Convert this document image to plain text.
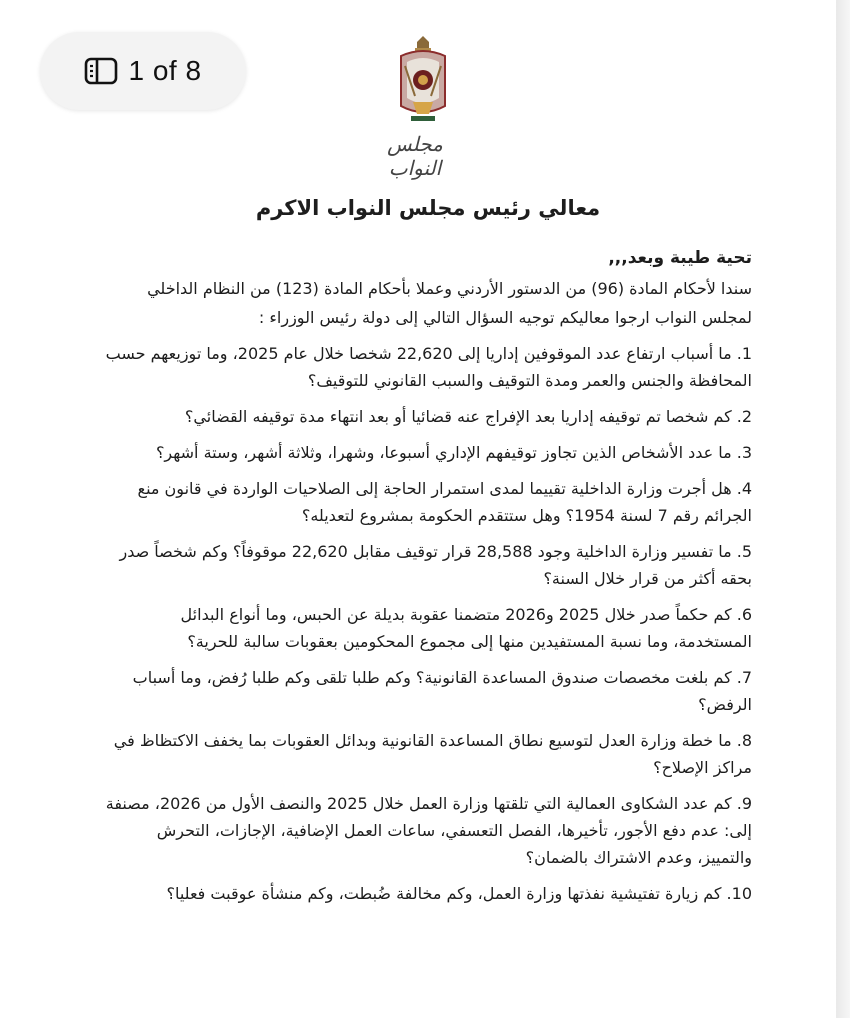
1 of 8
مجلس النواب
معالي رئيس مجلس النواب الاكرم
تحية طيبة وبعد,,,
سندا لأحكام المادة (96) من الدستور الأردني وعملا بأحكام المادة (123) من النظام الداخلي
لمجلس النواب ارجوا معاليكم توجيه السؤال التالي إلى دولة رئيس الوزراء :
1.ما أسباب ارتفاع عدد الموقوفين إداريا إلى 22,620 شخصا خلال عام 2025، وما توزيعهم حسب المحافظة والجنس والعمر ومدة التوقيف والسبب القانوني للتوقيف؟
2.كم شخصا تم توقيفه إداريا بعد الإفراج عنه قضائيا أو بعد انتهاء مدة توقيفه القضائي؟
3.ما عدد الأشخاص الذين تجاوز توقيفهم الإداري أسبوعا، وشهرا، وثلاثة أشهر، وستة أشهر؟
4.هل أجرت وزارة الداخلية تقييما لمدى استمرار الحاجة إلى الصلاحيات الواردة في قانون منع الجرائم رقم 7 لسنة 1954؟ وهل ستتقدم الحكومة بمشروع لتعديله؟
5.ما تفسير وزارة الداخلية وجود 28,588 قرار توقيف مقابل 22,620 موقوفاً؟ وكم شخصاً صدر بحقه أكثر من قرار خلال السنة؟
6.كم حكماً صدر خلال 2025 و2026 متضمنا عقوبة بديلة عن الحبس، وما أنواع البدائل المستخدمة، وما نسبة المستفيدين منها إلى مجموع المحكومين بعقوبات سالبة للحرية؟
7.كم بلغت مخصصات صندوق المساعدة القانونية؟ وكم طلبا تلقى وكم طلبا رُفض، وما أسباب الرفض؟
8.ما خطة وزارة العدل لتوسيع نطاق المساعدة القانونية وبدائل العقوبات بما يخفف الاكتظاظ في مراكز الإصلاح؟
9.كم عدد الشكاوى العمالية التي تلقتها وزارة العمل خلال 2025 والنصف الأول من 2026، مصنفة إلى: عدم دفع الأجور، تأخيرها، الفصل التعسفي، ساعات العمل الإضافية، الإجازات، التحرش والتمييز، وعدم الاشتراك بالضمان؟
10.كم زيارة تفتيشية نفذتها وزارة العمل، وكم مخالفة ضُبطت، وكم منشأة عوقبت فعليا؟
